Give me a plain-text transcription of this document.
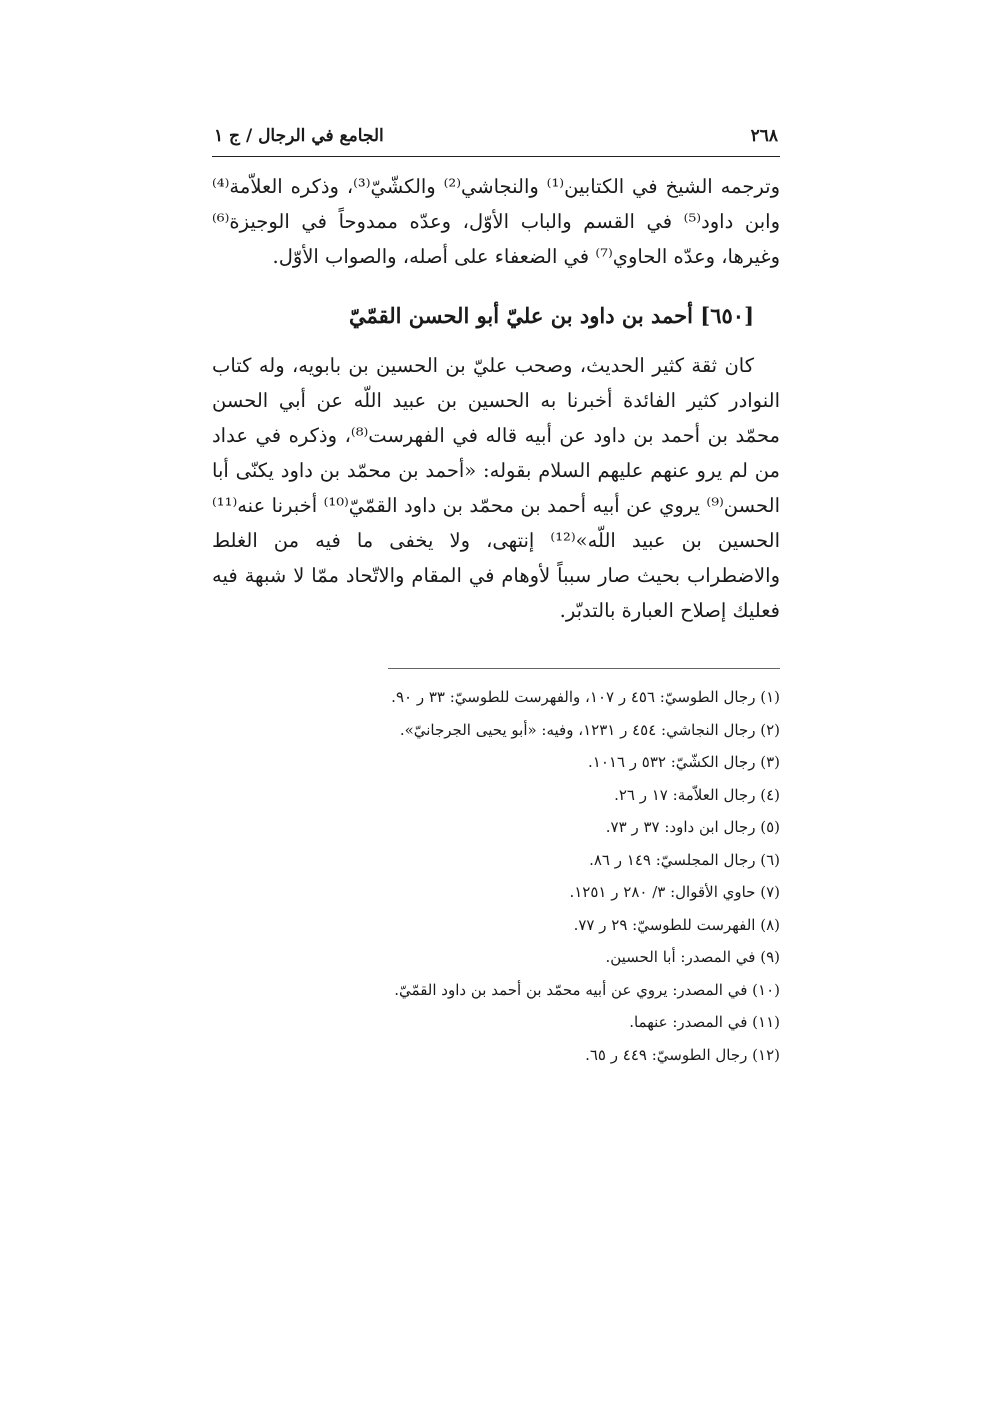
٢٦٨
الجامع في الرجال / ج ١

وترجمه الشيخ في الكتابين⁽¹⁾ والنجاشي⁽²⁾ والكشّيّ⁽³⁾، وذكره العلاّمة⁽⁴⁾ وابن داود⁽⁵⁾ في القسم والباب الأوّل، وعدّه ممدوحاً في الوجيزة⁽⁶⁾ وغيرها، وعدّه الحاوي⁽⁷⁾ في الضعفاء على أصله، والصواب الأوّل.

[٦٥٠] أحمد بن داود بن عليّ أبو الحسن القمّيّ

كان ثقة كثير الحديث، وصحب عليّ بن الحسين بن بابويه، وله كتاب النوادر كثير الفائدة أخبرنا به الحسين بن عبيد اللّه عن أبي الحسن محمّد بن أحمد بن داود عن أبيه قاله في الفهرست⁽⁸⁾، وذكره في عداد من لم يرو عنهم عليهم السلام بقوله: «أحمد بن محمّد بن داود يكنّى أبا الحسن⁽⁹⁾ يروي عن أبيه أحمد بن محمّد بن داود القمّيّ⁽¹⁰⁾ أخبرنا عنه⁽¹¹⁾ الحسين بن عبيد اللّه»⁽¹²⁾ إنتهى، ولا يخفى ما فيه من الغلط والاضطراب بحيث صار سبباً لأوهام في المقام والاتّحاد ممّا لا شبهة فيه فعليك إصلاح العبارة بالتدبّر.

(١) رجال الطوسيّ: ٤٥٦ ر ١٠٧، والفهرست للطوسيّ: ٣٣ ر ٩٠.

(٢) رجال النجاشي: ٤٥٤ ر ١٢٣١، وفيه: «أبو يحيى الجرجانيّ».

(٣) رجال الكشّيّ: ٥٣٢ ر ١٠١٦.

(٤) رجال العلاّمة: ١٧ ر ٢٦.

(٥) رجال ابن داود: ٣٧ ر ٧٣.

(٦) رجال المجلسيّ: ١٤٩ ر ٨٦.

(٧) حاوي الأقوال: ٣/ ٢٨٠ ر ١٢٥١.

(٨) الفهرست للطوسيّ: ٢٩ ر ٧٧.

(٩) في المصدر: أبا الحسين.

(١٠) في المصدر: يروي عن أبيه محمّد بن أحمد بن داود القمّيّ.

(١١) في المصدر: عنهما.

(١٢) رجال الطوسيّ: ٤٤٩ ر ٦٥.
